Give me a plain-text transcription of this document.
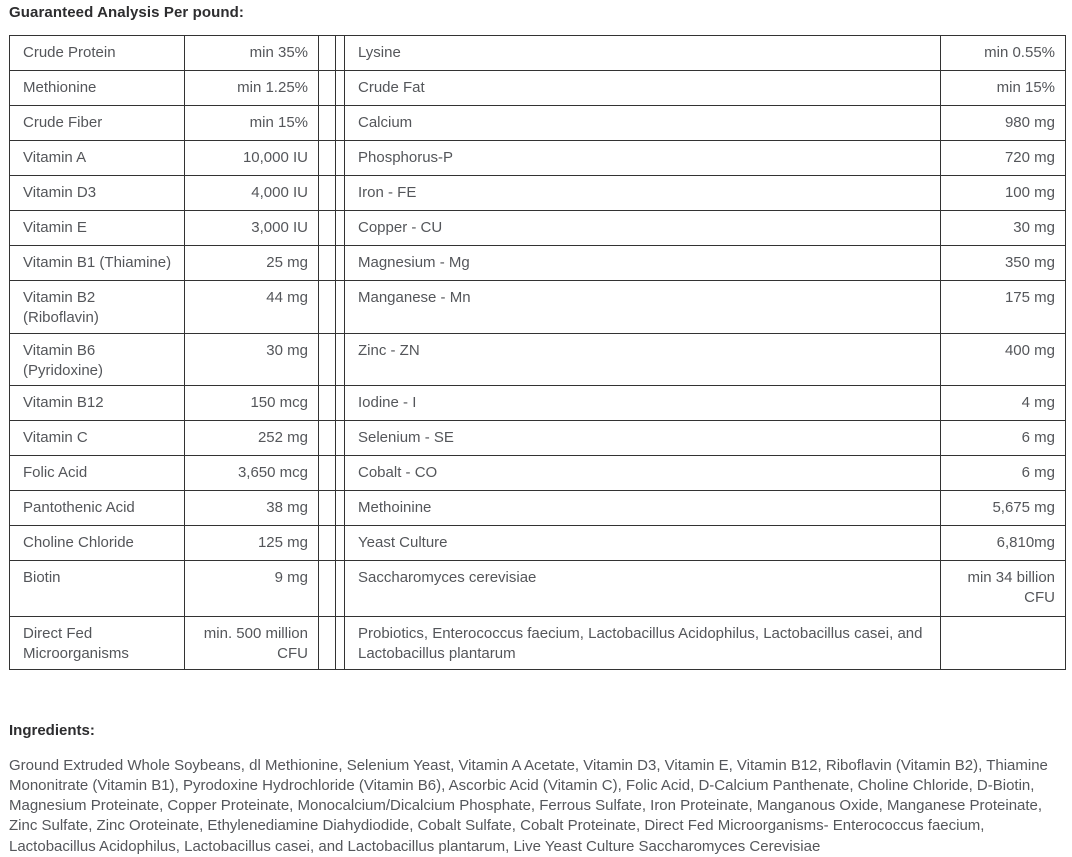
Guaranteed Analysis Per pound:
Crude Protein	min 35%			Lysine	min 0.55%
Methionine	min 1.25%			Crude Fat	min 15%
Crude Fiber	min 15%			Calcium	980 mg
Vitamin A	10,000 IU			Phosphorus-P	720 mg
Vitamin D3	4,000 IU			Iron - FE	100 mg
Vitamin E	3,000 IU			Copper - CU	30 mg
Vitamin B1 (Thiamine)	25 mg			Magnesium - Mg	350 mg
Vitamin B2 (Riboflavin)	44 mg			Manganese - Mn	175 mg
Vitamin B6 (Pyridoxine)	30 mg			Zinc - ZN	400 mg
Vitamin B12	150 mcg			Iodine - I	4 mg
Vitamin C	252 mg			Selenium - SE	6 mg
Folic Acid	3,650 mcg			Cobalt - CO	6 mg
Pantothenic Acid	38 mg			Methoinine	5,675 mg
Choline Chloride	125 mg			Yeast Culture	6,810mg
Biotin	9 mg			Saccharomyces cerevisiae	min 34 billion CFU
Direct Fed Microorganisms	min. 500 million CFU			Probiotics, Enterococcus faecium, Lactobacillus Acidophilus, Lactobacillus casei, and Lactobacillus plantarum	
Ingredients:
Ground Extruded Whole Soybeans, dl Methionine, Selenium Yeast, Vitamin A Acetate, Vitamin D3, Vitamin E, Vitamin B12, Riboflavin (Vitamin B2), Thiamine Mononitrate (Vitamin B1), Pyrodoxine Hydrochloride (Vitamin B6), Ascorbic Acid (Vitamin C), Folic Acid, D-Calcium Panthenate, Choline Chloride, D-Biotin, Magnesium Proteinate, Copper Proteinate, Monocalcium/Dicalcium Phosphate, Ferrous Sulfate, Iron Proteinate, Manganous Oxide, Manganese Proteinate, Zinc Sulfate, Zinc Oroteinate, Ethylenediamine Diahydiodide, Cobalt Sulfate, Cobalt Proteinate, Direct Fed Microorganisms- Enterococcus faecium, Lactobacillus Acidophilus, Lactobacillus casei, and Lactobacillus plantarum, Live Yeast Culture Saccharomyces Cerevisiae
